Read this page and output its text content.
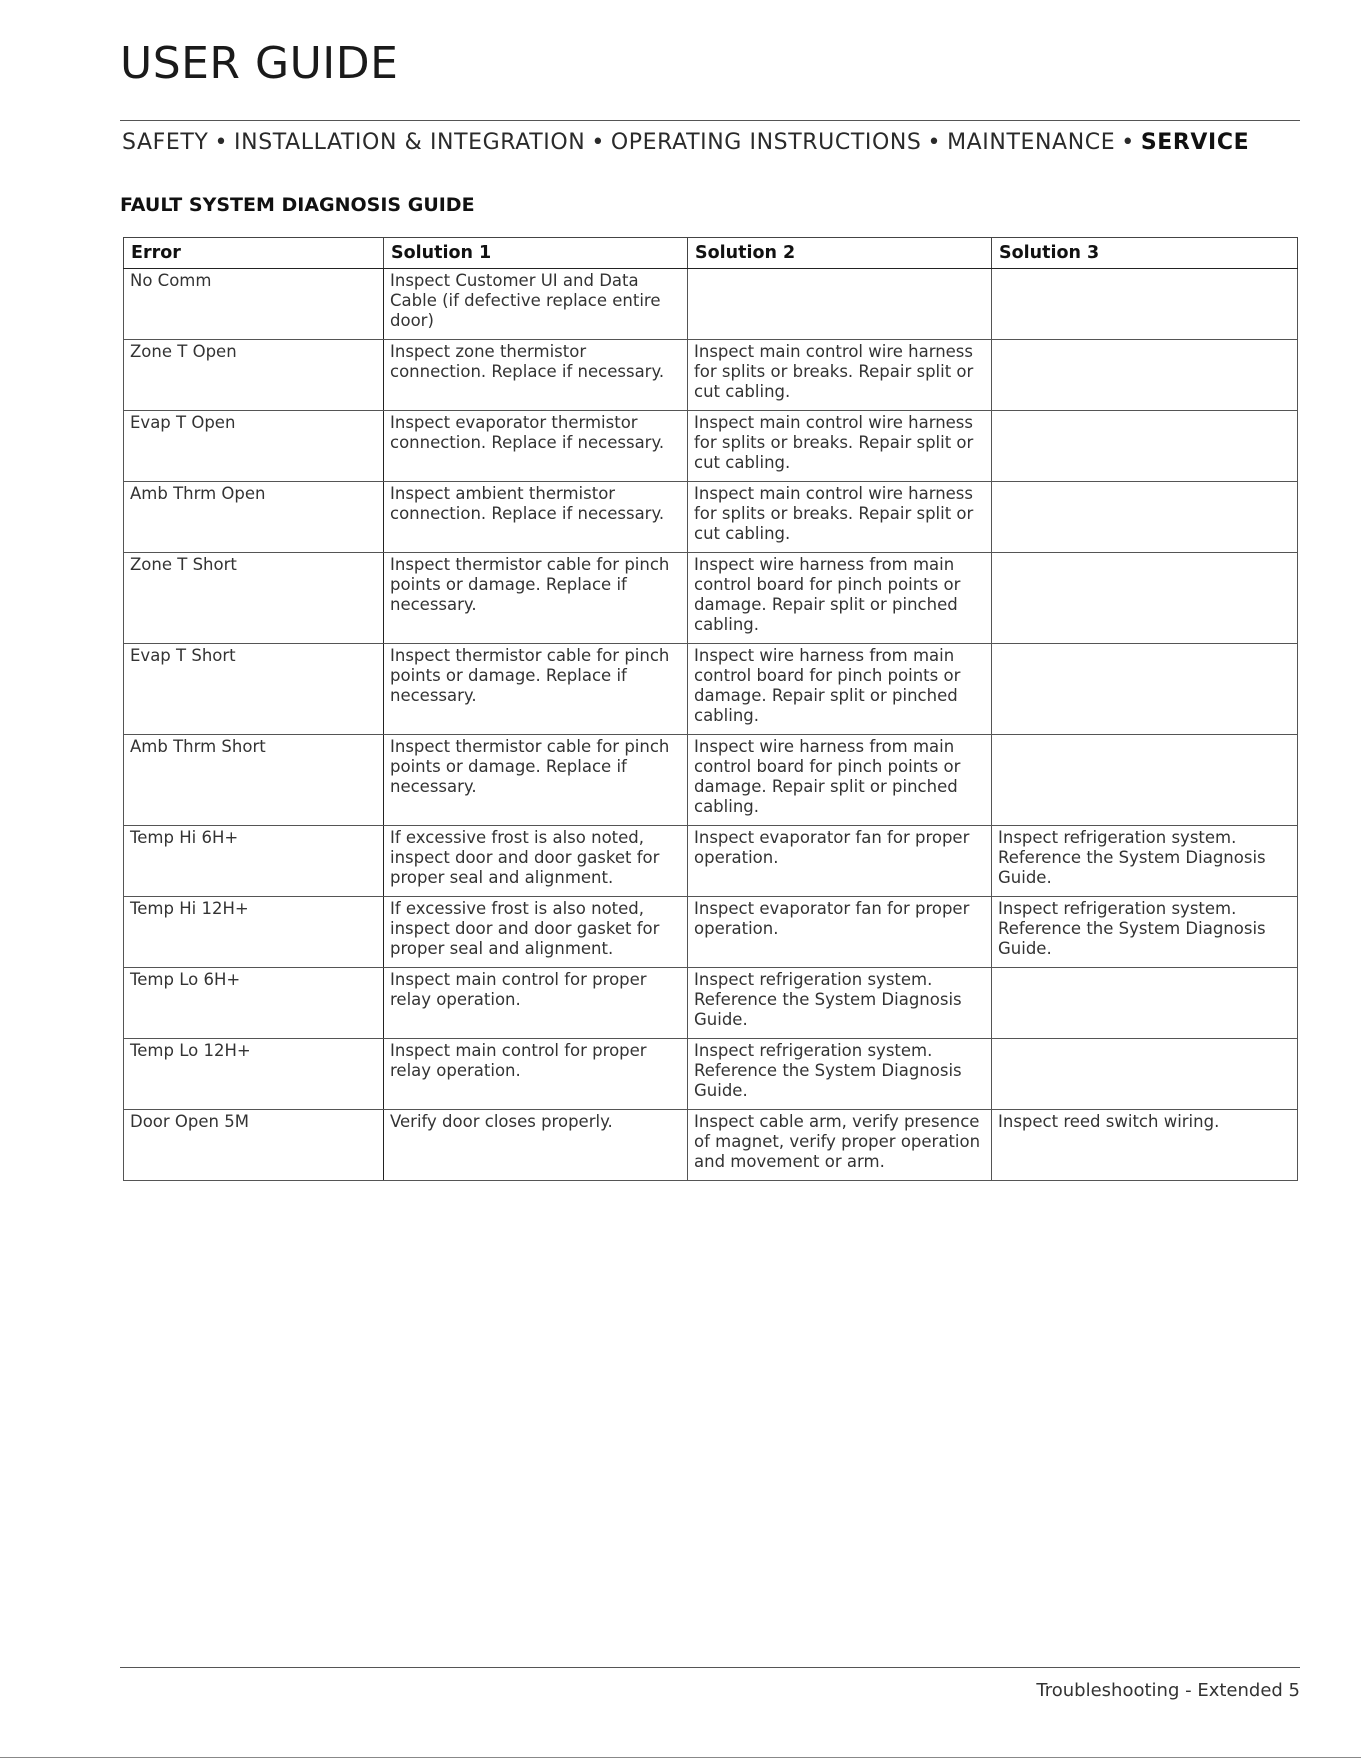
USER GUIDE
SAFETY • INSTALLATION & INTEGRATION • OPERATING INSTRUCTIONS • MAINTENANCE • SERVICE
FAULT SYSTEM DIAGNOSIS GUIDE
Error	Solution 1	Solution 2	Solution 3
No Comm	Inspect Customer UI and Data Cable (if defective replace entire door)		
Zone T Open	Inspect zone thermistor connection. Replace if necessary.	Inspect main control wire harness for splits or breaks. Repair split or cut cabling.	
Evap T Open	Inspect evaporator thermistor connection. Replace if necessary.	Inspect main control wire harness for splits or breaks. Repair split or cut cabling.	
Amb Thrm Open	Inspect ambient thermistor connection. Replace if necessary.	Inspect main control wire harness for splits or breaks. Repair split or cut cabling.	
Zone T Short	Inspect thermistor cable for pinch points or damage. Replace if necessary.	Inspect wire harness from main control board for pinch points or damage. Repair split or pinched cabling.	
Evap T Short	Inspect thermistor cable for pinch points or damage. Replace if necessary.	Inspect wire harness from main control board for pinch points or damage. Repair split or pinched cabling.	
Amb Thrm Short	Inspect thermistor cable for pinch points or damage. Replace if necessary.	Inspect wire harness from main control board for pinch points or damage. Repair split or pinched cabling.	
Temp Hi 6H+	If excessive frost is also noted, inspect door and door gasket for proper seal and alignment.	Inspect evaporator fan for proper operation.	Inspect refrigeration system. Reference the System Diagnosis Guide.
Temp Hi 12H+	If excessive frost is also noted, inspect door and door gasket for proper seal and alignment.	Inspect evaporator fan for proper operation.	Inspect refrigeration system. Reference the System Diagnosis Guide.
Temp Lo 6H+	Inspect main control for proper relay operation.	Inspect refrigeration system. Reference the System Diagnosis Guide.	
Temp Lo 12H+	Inspect main control for proper relay operation.	Inspect refrigeration system. Reference the System Diagnosis Guide.	
Door Open 5M	Verify door closes properly.	Inspect cable arm, verify presence of magnet, verify proper operation and movement or arm.	Inspect reed switch wiring.
Troubleshooting - Extended 5
